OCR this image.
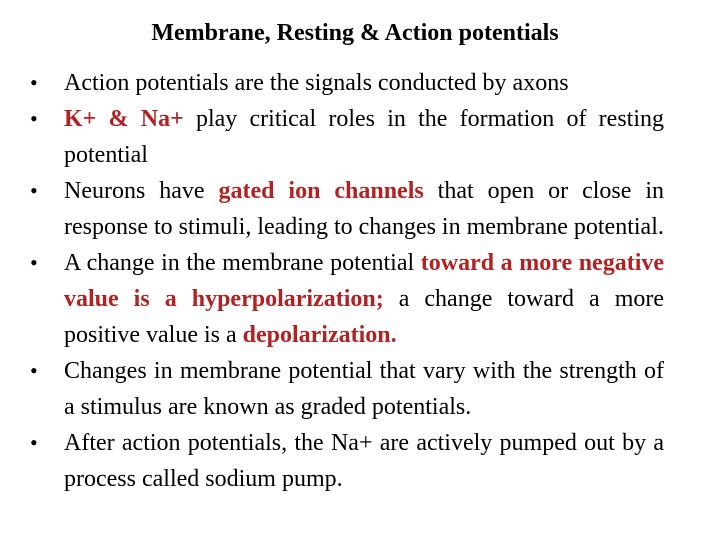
Membrane, Resting & Action potentials
•	Action potentials are the signals conducted by axons
•	K+ & Na+ play critical roles in the formation of resting potential
•	Neurons have gated ion channels that open or close in response to stimuli, leading to changes in membrane potential.
•	A change in the membrane potential toward a more negative value is a hyperpolarization; a change toward a more positive value is a depolarization.
•	Changes in membrane potential that vary with the strength of a stimulus are known as graded potentials.
•	After action potentials, the Na+ are actively pumped out by a process called sodium pump.
